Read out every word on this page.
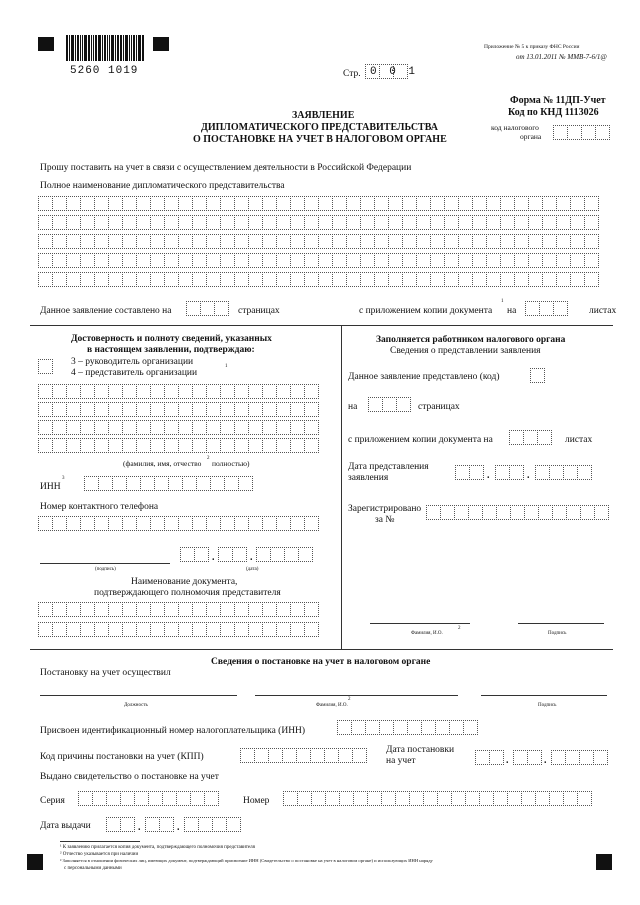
5260 1019	Стр. 0 0 1
Приложение № 5 к приказу ФНС России
от 13.01.2011 № ММВ-7-6/1@
Форма № 11ДП-Учет
Код по КНД 1113026
код налогового
органа
ЗАЯВЛЕНИЕ
ДИПЛОМАТИЧЕСКОГО ПРЕДСТАВИТЕЛЬСТВА
О ПОСТАНОВКЕ НА УЧЕТ В НАЛОГОВОМ ОРГАНЕ
Прошу поставить на учет в связи с осуществлением деятельности в Российской Федерации
Полное наименование дипломатического представительства
Данное заявление составлено на	страницах	с приложением копии документа
1
на	листах
Достоверность и полноту сведений, указанных
в настоящем заявлении, подтверждаю:
3 – руководитель организации
4 – представитель организации
1
(фамилия, имя, отчество
2
полностью)
ИНН
3
Номер контактного телефона
.	.
(подпись)	(дата)
Наименование документа,
подтверждающего полномочия представителя
Заполняется работником налогового органа
Сведения о представлении заявления
Данное заявление представлено (код)
на	страницах
с приложением копии документа на	листах
Дата представления
заявления	.	.
Зарегистрировано
за №
Фамилия, И.О.
2
Подпись
Сведения о постановке на учет в налоговом органе
Постановку на учет осуществил
Должность	Фамилия, И.О.
2
Подпись
Присвоен идентификационный номер налогоплательщика (ИНН)
Код причины постановки на учет (КПП)
Дата постановки
на учет	.	.
Выдано свидетельство о постановке на учет
Серия	Номер
Дата выдачи	.	.
¹ К заявлению прилагается копия документа, подтверждающего полномочия представителя
² Отчество указывается при наличии
³ Заполняется в отношении физических лиц, имеющих документ, подтверждающий присвоение ИНН (Свидетельство о постановке на учет в налоговом органе) и использующих ИНН наряду
с персональными данными
